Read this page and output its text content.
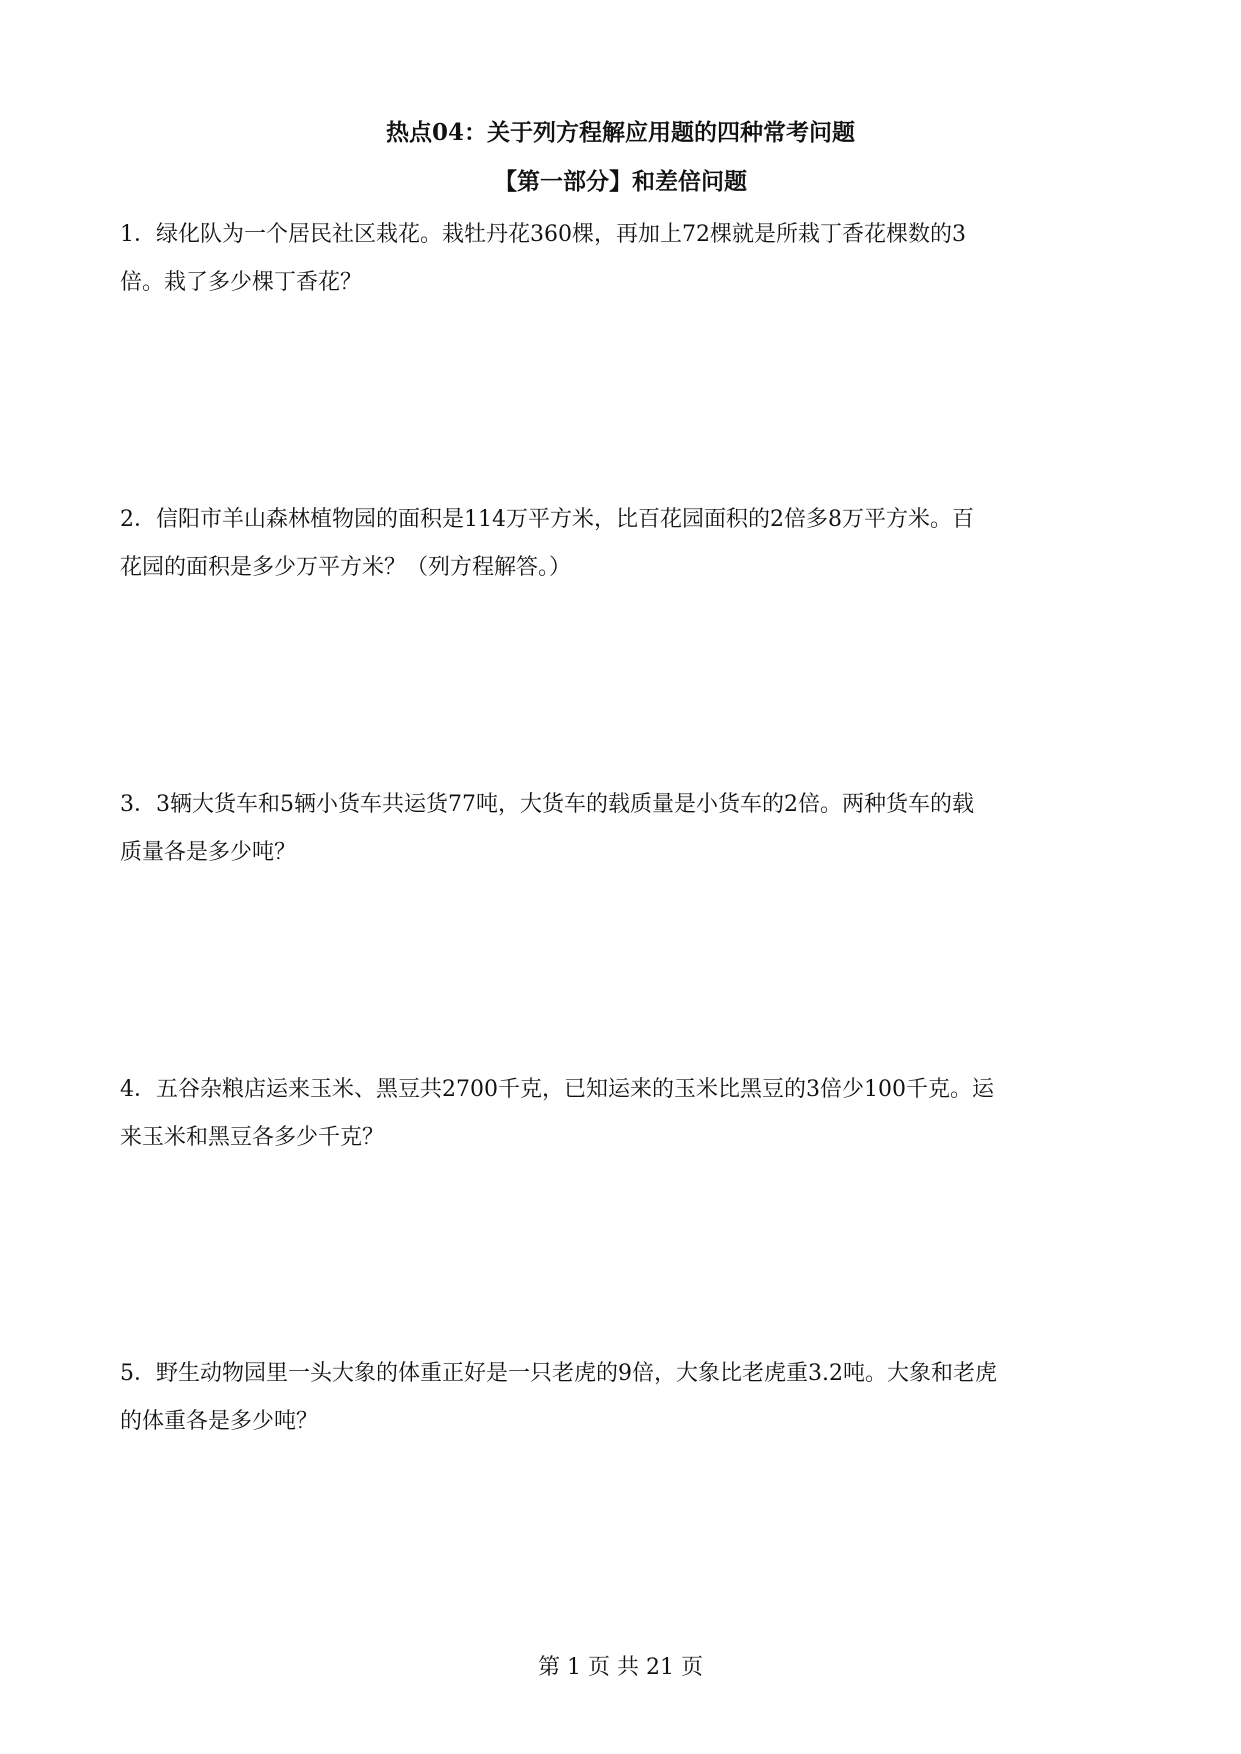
热点04：关于列方程解应用题的四种常考问题
【第一部分】和差倍问题
1．绿化队为一个居民社区栽花。栽牡丹花360棵，再加上72棵就是所栽丁香花棵数的3
倍。栽了多少棵丁香花？
2．信阳市羊山森林植物园的面积是114万平方米，比百花园面积的2倍多8万平方米。百
花园的面积是多少万平方米？（列方程解答。）
3．3辆大货车和5辆小货车共运货77吨，大货车的载质量是小货车的2倍。两种货车的载
质量各是多少吨？
4．五谷杂粮店运来玉米、黑豆共2700千克，已知运来的玉米比黑豆的3倍少100千克。运
来玉米和黑豆各多少千克？
5．野生动物园里一头大象的体重正好是一只老虎的9倍，大象比老虎重3.2吨。大象和老虎
的体重各是多少吨？
第 1 页 共 21 页
